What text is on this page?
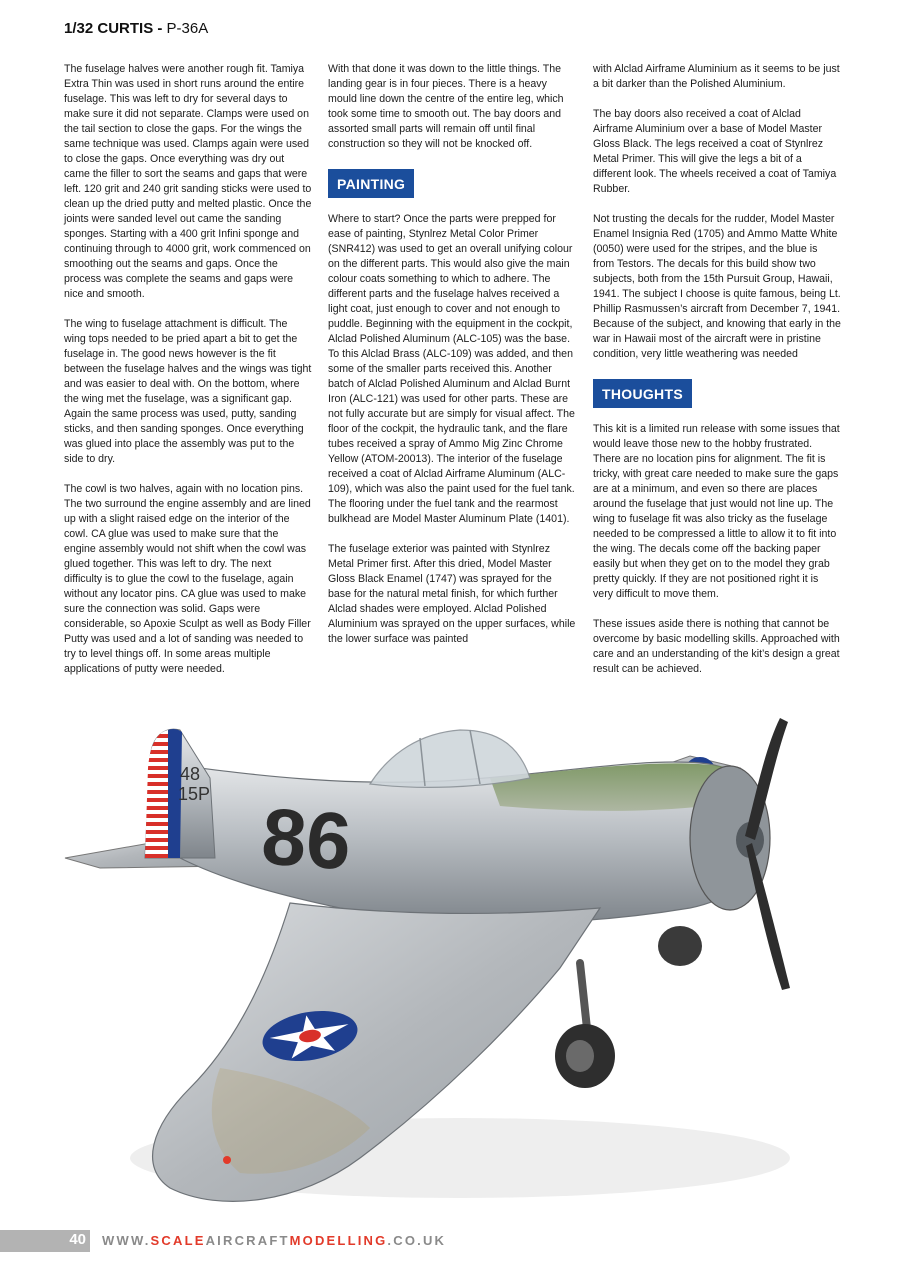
1/32 CURTIS - P-36A

The fuselage halves were another rough fit. Tamiya Extra Thin was used in short runs around the entire fuselage. This was left to dry for several days to make sure it did not separate. Clamps were used on the tail section to close the gaps. For the wings the same technique was used. Clamps again were used to close the gaps. Once everything was dry out came the filler to sort the seams and gaps that were left. 120 grit and 240 grit sanding sticks were used to clean up the dried putty and melted plastic. Once the joints were sanded level out came the sanding sponges. Starting with a 400 grit Infini sponge and continuing through to 4000 grit, work commenced on smoothing out the seams and gaps. Once the process was complete the seams and gaps were nice and smooth.

The wing to fuselage attachment is difficult. The wing tops needed to be pried apart a bit to get the fuselage in. The good news however is the fit between the fuselage halves and the wings was tight and was easier to deal with. On the bottom, where the wing met the fuselage, was a significant gap. Again the same process was used, putty, sanding sticks, and then sanding sponges. Once everything was glued into place the assembly was put to the side to dry.

The cowl is two halves, again with no location pins. The two surround the engine assembly and are lined up with a slight raised edge on the interior of the cowl. CA glue was used to make sure that the engine assembly would not shift when the cowl was glued together. This was left to dry. The next difficulty is to glue the cowl to the fuselage, again without any locator pins. CA glue was used to make sure the connection was solid. Gaps were considerable, so Apoxie Sculpt as well as Body Filler Putty was used and a lot of sanding was needed to try to level things off. In some areas multiple applications of putty were needed.

With that done it was down to the little things. The landing gear is in four pieces. There is a heavy mould line down the centre of the entire leg, which took some time to smooth out. The bay doors and assorted small parts will remain off until final construction so they will not be knocked off.

PAINTING

Where to start? Once the parts were prepped for ease of painting, Stynlrez Metal Color Primer (SNR412) was used to get an overall unifying colour on the different parts. This would also give the main colour coats something to which to adhere. The different parts and the fuselage halves received a light coat, just enough to cover and not enough to puddle. Beginning with the equipment in the cockpit, Alclad Polished Aluminum (ALC-105) was the base. To this Alclad Brass (ALC-109) was added, and then some of the smaller parts received this. Another batch of Alclad Polished Aluminum and Alclad Burnt Iron (ALC-121) was used for other parts. These are not fully accurate but are simply for visual affect. The floor of the cockpit, the hydraulic tank, and the flare tubes received a spray of Ammo Mig Zinc Chrome Yellow (ATOM-20013). The interior of the fuselage received a coat of Alclad Airframe Aluminum (ALC-109), which was also the paint used for the fuel tank. The flooring under the fuel tank and the rearmost bulkhead are Model Master Aluminum Plate (1401).

The fuselage exterior was painted with Stynlrez Metal Primer first. After this dried, Model Master Gloss Black Enamel (1747) was sprayed for the base for the natural metal finish, for which further Alclad shades were employed. Alclad Polished Aluminium was sprayed on the upper surfaces, while the lower surface was painted

with Alclad Airframe Aluminium as it seems to be just a bit darker than the Polished Aluminium.

The bay doors also received a coat of Alclad Airframe Aluminium over a base of Model Master Gloss Black. The legs received a coat of Stynlrez Metal Primer. This will give the legs a bit of a different look. The wheels received a coat of Tamiya Rubber.

Not trusting the decals for the rudder, Model Master Enamel Insignia Red (1705) and Ammo Matte White (0050) were used for the stripes, and the blue is from Testors. The decals for this build show two subjects, both from the 15th Pursuit Group, Hawaii, 1941. The subject I choose is quite famous, being Lt. Phillip Rasmussen’s aircraft from December 7, 1941. Because of the subject, and knowing that early in the war in Hawaii most of the aircraft were in pristine condition, very little weathering was needed

THOUGHTS

This kit is a limited run release with some issues that would leave those new to the hobby frustrated. There are no location pins for alignment. The fit is tricky, with great care needed to make sure the gaps are at a minimum, and even so there are places around the fuselage that just would not line up. The wing to fuselage fit was also tricky as the fuselage needed to be compressed a little to allow it to fit into the wing. The decals come off the backing paper easily but when they get on to the model they grab pretty quickly. If they are not positioned right it is very difficult to move them.

These issues aside there is nothing that cannot be overcome by basic modelling skills. Approached with care and an understanding of the kit’s design a great result can be achieved.

48
15P 86
40 WWW.SCALEAIRCRAFTMODELLING.CO.UK
